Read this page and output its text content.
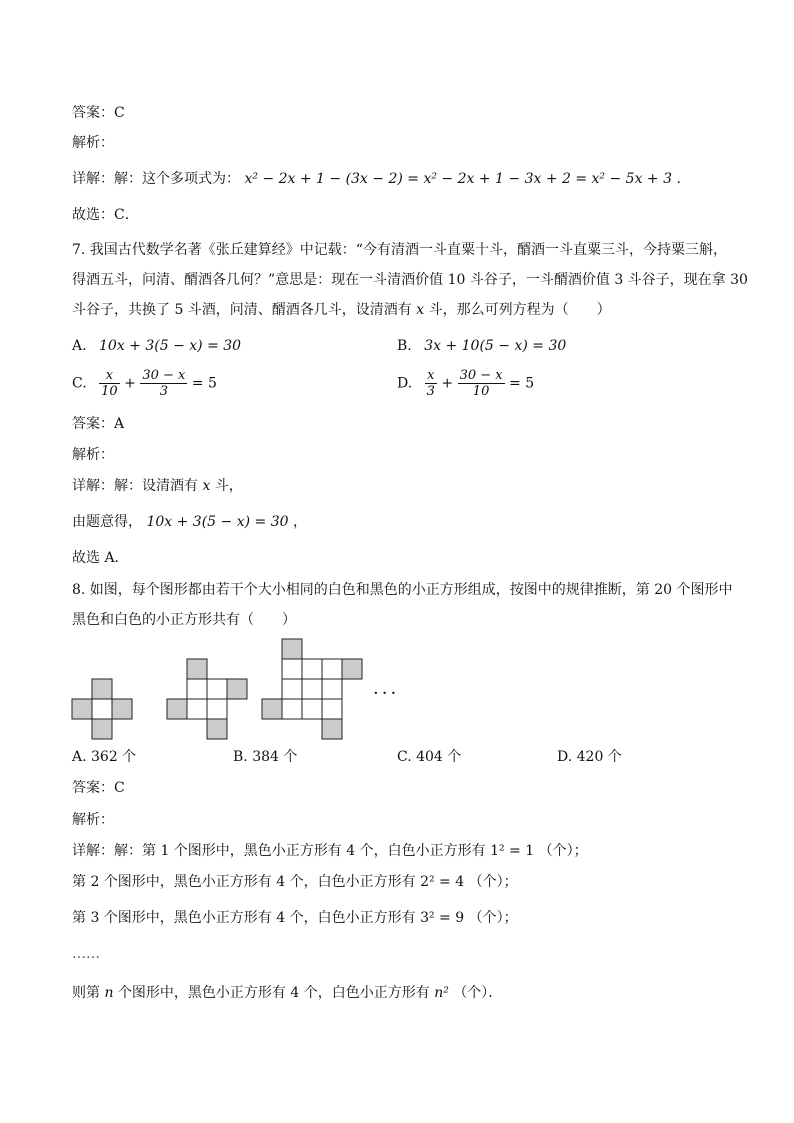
答案：C
解析：
详解：解：这个多项式为： x² − 2x + 1 − (3x − 2) = x² − 2x + 1 − 3x + 2 = x² − 5x + 3 .
故选：C．
7. 我国古代数学名著《张丘建算经》中记载：“今有清酒一斗直粟十斗，醑酒一斗直粟三斗，今持粟三斛，
得酒五斗，问清、醑酒各几何？”意思是：现在一斗清酒价值 10 斗谷子，一斗醑酒价值 3 斗谷子，现在拿 30
斗谷子，共换了 5 斗酒，问清、醑酒各几斗，设清酒有 x 斗，那么可列方程为（　　）
A. 10x + 3(5 − x) = 30	B. 3x + 10(5 − x) = 30
C. $\frac{x}{10} + \frac{30 - x}{3} = 5$	D. $\frac{x}{3} + \frac{30 - x}{10} = 5$
答案：A
解析：
详解：解：设清酒有 x 斗，
由题意得， 10x + 3(5 − x) = 30 ，
故选 A．
8. 如图，每个图形都由若干个大小相同的白色和黑色的小正方形组成，按图中的规律推断，第 20 个图形中
黑色和白色的小正方形共有（　　）
···
A. 362 个	B. 384 个	C. 404 个	D. 420 个
答案：C
解析：
详解：解：第 1 个图形中，黑色小正方形有 4 个，白色小正方形有 1² = 1 （个）；
第 2 个图形中，黑色小正方形有 4 个，白色小正方形有 2² = 4 （个）；
第 3 个图形中，黑色小正方形有 4 个，白色小正方形有 3² = 9 （个）；
……
则第 n 个图形中，黑色小正方形有 4 个，白色小正方形有 n² （个）．
